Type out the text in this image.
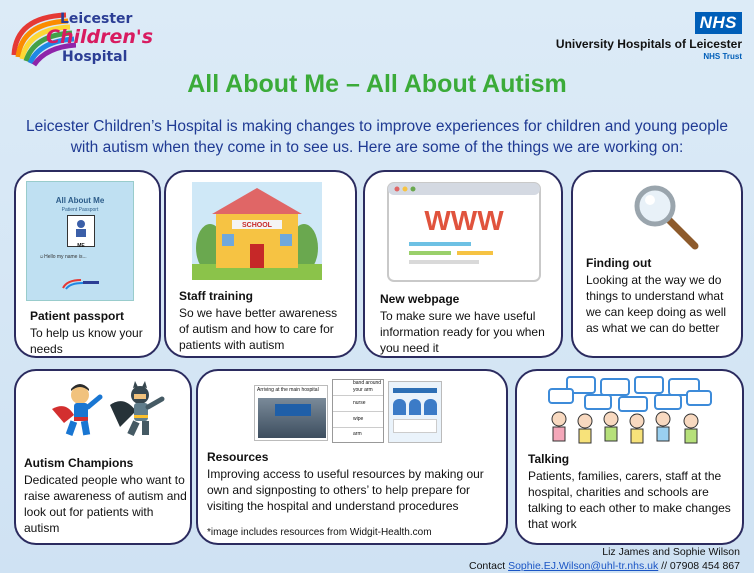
Leicester
Children's
Hospital
NHS
University Hospitals of Leicester
NHS Trust
All About Me – All About Autism
Leicester Children’s Hospital is making changes to improve experiences for children and young people with autism when they come in to see us. Here are some of the things we are working on:
All About Me
Patient Passport
ME
☺Hello my name is...
Patient passport
To help us know your needs
SCHOOL
Staff training
So we have better awareness of autism and how to care for patients with autism
WWW
New webpage
To make sure we have useful information ready for you when you need it
Finding out
Looking at the way we do things to understand what we can keep doing as well as what we can do better
Autism Champions
Dedicated people who want to raise awareness of autism and look out for patients with autism
Arriving at the main hospital
band around your arm
nurse
wipe
arm
Resources
Improving access to useful resources by making our own and signposting to others’ to help prepare for visiting the hospital and understand procedures
*image includes resources from Widgit-Health.com
Talking
Patients, families, carers, staff at the hospital, charities and schools are talking to each other to make changes that work
Liz James and Sophie Wilson
Contact Sophie.EJ.Wilson@uhl-tr.nhs.uk // 07908 454 867
